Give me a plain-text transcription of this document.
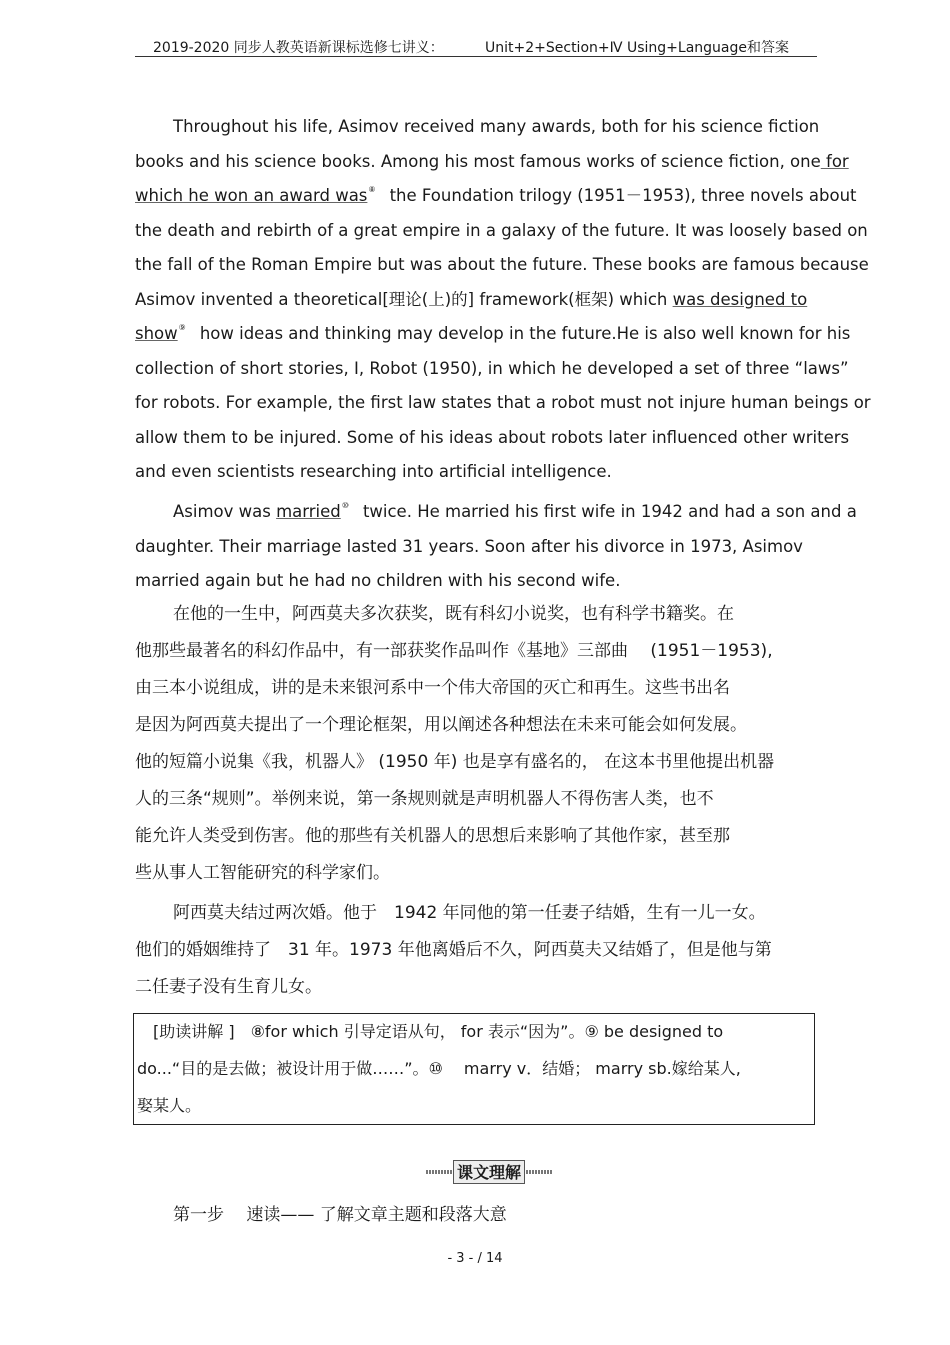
2019-2020 同步人教英语新课标选修七讲义：	Unit+2+Section+Ⅳ Using+Language和答案
Throughout his life, Asimov received many awards, both for his science fiction
books and his science books. Among his most famous works of science fiction, one for
which he won an award was⑧ the Foundation trilogy (1951－1953), three novels about
the death and rebirth of a great empire in a galaxy of the future. It was loosely based on
the fall of the Roman Empire but was about the future. These books are famous because
Asimov invented a theoretical[理论(上)的] framework(框架) which was designed to
show⑨ how ideas and thinking may develop in the future.He is also well known for his
collection of short stories, I, Robot (1950), in which he developed a set of three “laws”
for robots. For example, the first law states that a robot must not injure human beings or
allow them to be injured. Some of his ideas about robots later influenced other writers
and even scientists researching into artificial intelligence.
Asimov was married⑩ twice. He married his first wife in 1942 and had a son and a
daughter. Their marriage lasted 31 years. Soon after his divorce in 1973, Asimov
married again but he had no children with his second wife.
在他的一生中，阿西莫夫多次获奖，既有科幻小说奖，也有科学书籍奖。在
他那些最著名的科幻作品中，有一部获奖作品叫作《基地》三部曲　 (1951－1953),
由三本小说组成，讲的是未来银河系中一个伟大帝国的灭亡和再生。这些书出名
是因为阿西莫夫提出了一个理论框架，用以阐述各种想法在未来可能会如何发展。
他的短篇小说集《我，机器人》 (1950 年) 也是享有盛名的， 在这本书里他提出机器
人的三条“规则”。举例来说，第一条规则就是声明机器人不得伤害人类，也不
能允许人类受到伤害。他的那些有关机器人的思想后来影响了其他作家，甚至那
些从事人工智能研究的科学家们。
阿西莫夫结过两次婚。他于　1942 年同他的第一任妻子结婚，生有一儿一女。
他们的婚姻维持了　31 年。1973 年他离婚后不久，阿西莫夫又结婚了，但是他与第
二任妻子没有生育儿女。
　[助读讲解 ]　⑧for which 引导定语从句， for 表示“因为”。⑨ be designed to
do...“目的是去做；被设计用于做……”。⑩　 marry v．结婚； marry sb.嫁给某人,
娶某人。
课文理解
第一步　 速读—— 了解文章主题和段落大意
- 3 - / 14
